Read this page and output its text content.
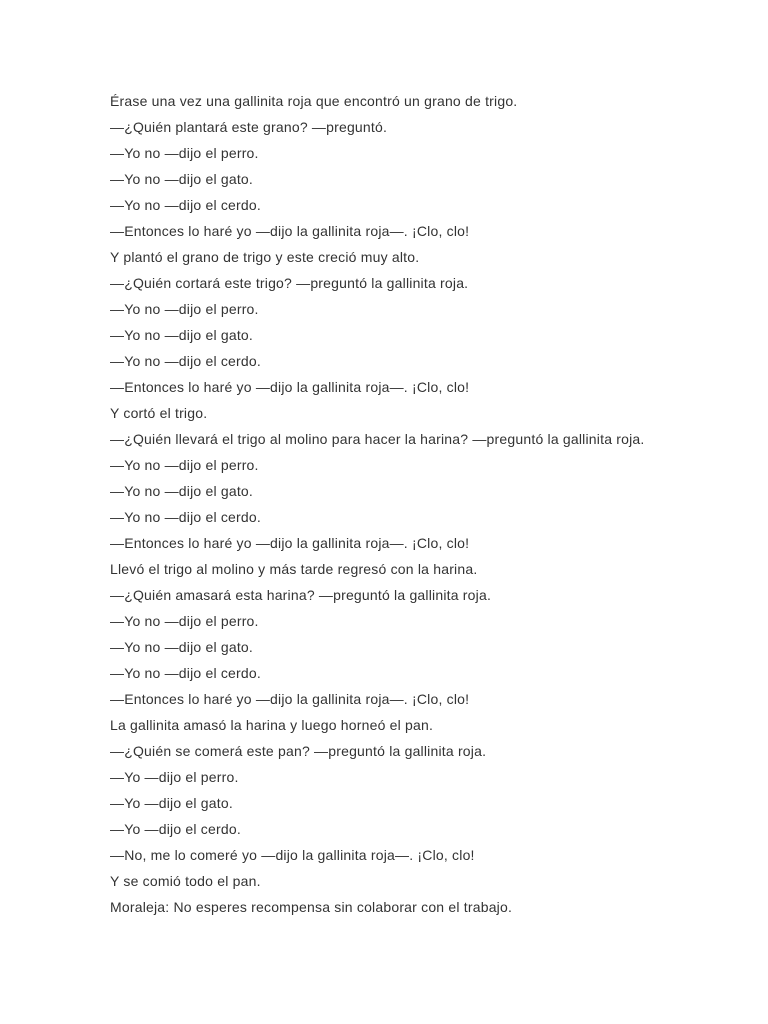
Érase una vez una gallinita roja que encontró un grano de trigo.

—¿Quién plantará este grano? —preguntó.

—Yo no —dijo el perro.

—Yo no —dijo el gato.

—Yo no —dijo el cerdo.

—Entonces lo haré yo —dijo la gallinita roja—. ¡Clo, clo!

Y plantó el grano de trigo y este creció muy alto.

—¿Quién cortará este trigo? —preguntó la gallinita roja.

—Yo no —dijo el perro.

—Yo no —dijo el gato.

—Yo no —dijo el cerdo.

—Entonces lo haré yo —dijo la gallinita roja—. ¡Clo, clo!

Y cortó el trigo.

—¿Quién llevará el trigo al molino para hacer la harina? —preguntó la gallinita roja.

—Yo no —dijo el perro.

—Yo no —dijo el gato.

—Yo no —dijo el cerdo.

—Entonces lo haré yo —dijo la gallinita roja—. ¡Clo, clo!

Llevó el trigo al molino y más tarde regresó con la harina.

—¿Quién amasará esta harina? —preguntó la gallinita roja.

—Yo no —dijo el perro.

—Yo no —dijo el gato.

—Yo no —dijo el cerdo.

—Entonces lo haré yo —dijo la gallinita roja—. ¡Clo, clo!

La gallinita amasó la harina y luego horneó el pan.

—¿Quién se comerá este pan? —preguntó la gallinita roja.

—Yo —dijo el perro.

—Yo —dijo el gato.

—Yo —dijo el cerdo.

—No, me lo comeré yo —dijo la gallinita roja—. ¡Clo, clo!

Y se comió todo el pan.

Moraleja: No esperes recompensa sin colaborar con el trabajo.
